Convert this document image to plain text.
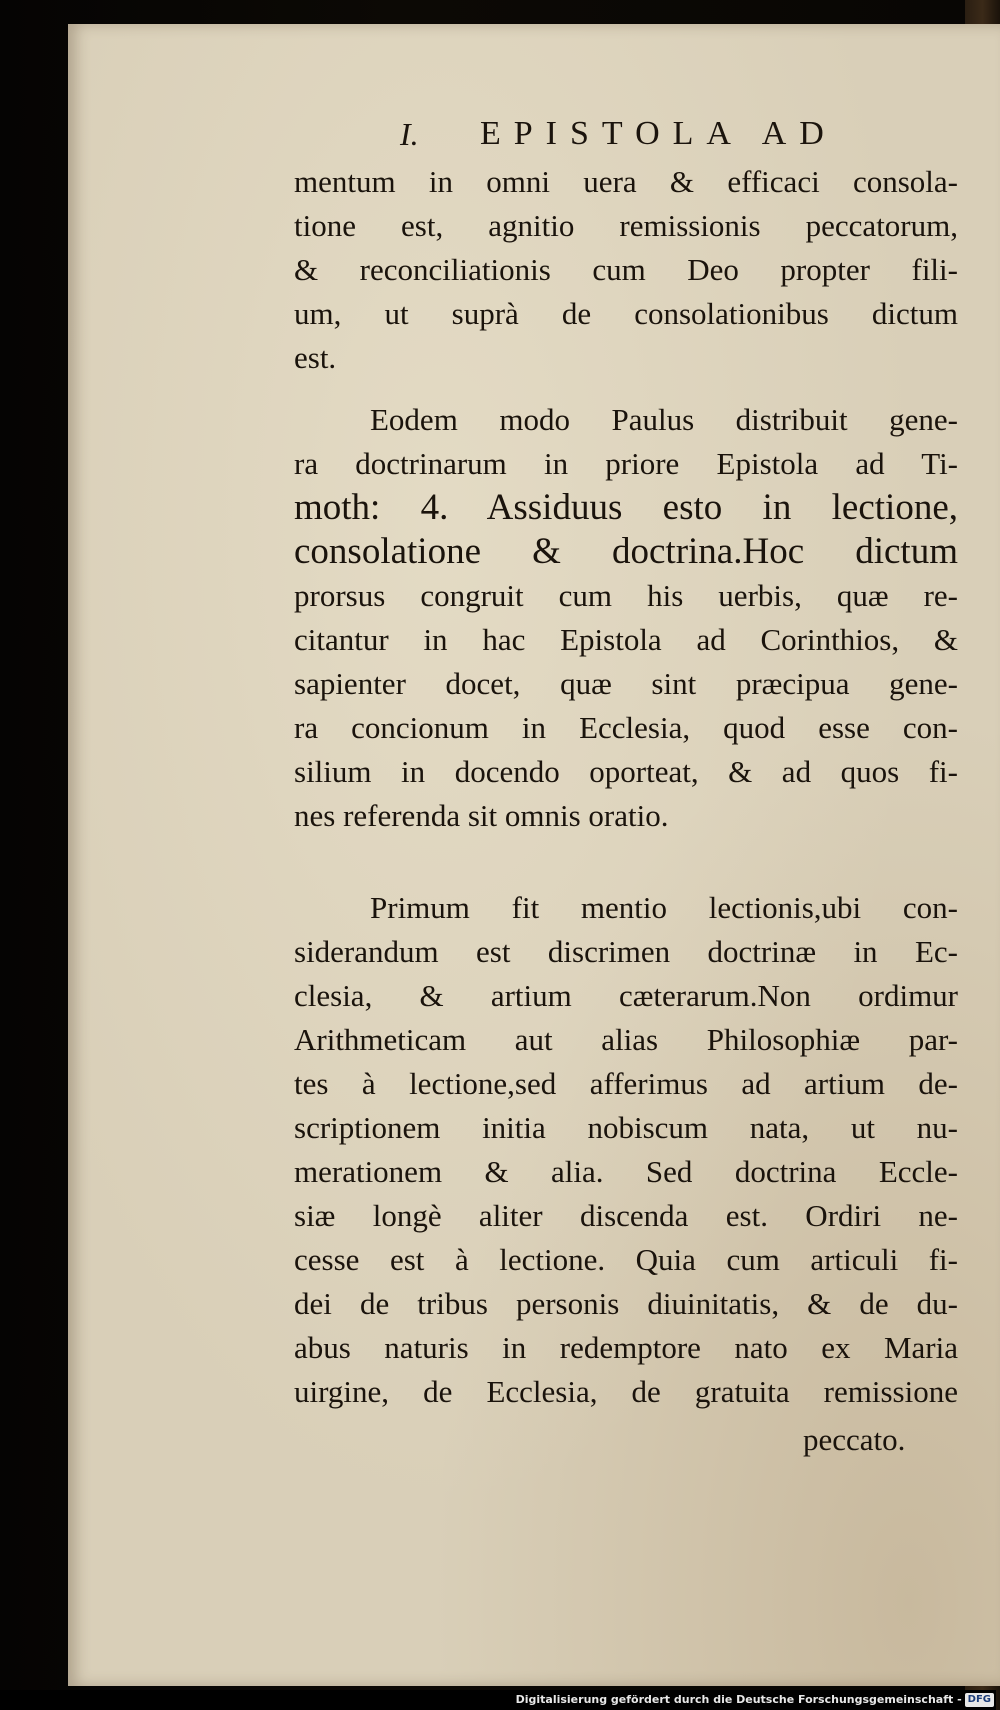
I. EPISTOLA AD
mentum in omni uera & efficaci consola-
tione est, agnitio remissionis peccatorum,
& reconciliationis cum Deo propter fili-
um, ut suprà de consolationibus dictum
est.
Eodem modo Paulus distribuit gene-
ra doctrinarum in priore Epistola ad Ti-
moth: 4. Assiduus esto in lectione,
consolatione & doctrina.Hoc dictum
prorsus congruit cum his uerbis, quæ re-
citantur in hac Epistola ad Corinthios, &
sapienter docet, quæ sint præcipua gene-
ra concionum in Ecclesia, quod esse con-
silium in docendo oporteat, & ad quos fi-
nes referenda sit omnis oratio.
Primum fit mentio lectionis,ubi con-
siderandum est discrimen doctrinæ in Ec-
clesia, & artium cæterarum.Non ordimur
Arithmeticam aut alias Philosophiæ par-
tes à lectione,sed afferimus ad artium de-
scriptionem initia nobiscum nata, ut nu-
merationem & alia. Sed doctrina Eccle-
siæ longè aliter discenda est. Ordiri ne-
cesse est à lectione. Quia cum articuli fi-
dei de tribus personis diuinitatis, & de du-
abus naturis in redemptore nato ex Maria
uirgine, de Ecclesia, de gratuita remissione
peccato.
Digitalisierung gefördert durch die Deutsche Forschungsgemeinschaft - DFG
